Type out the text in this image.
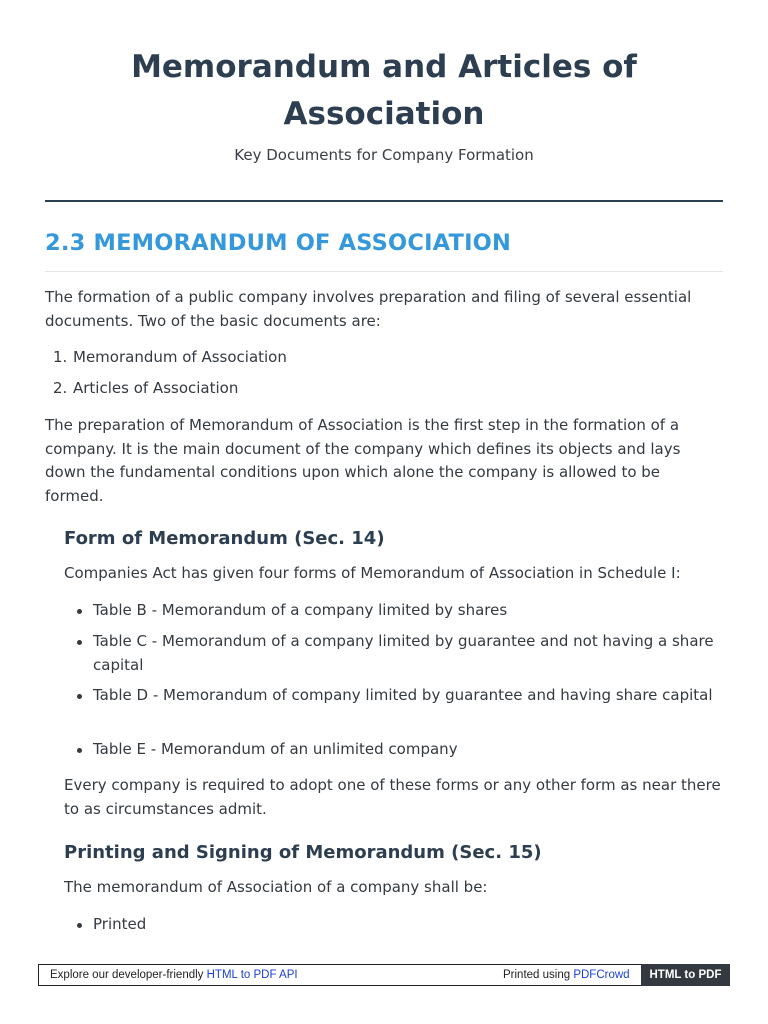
Memorandum and Articles of Association
Key Documents for Company Formation
2.3 MEMORANDUM OF ASSOCIATION

The formation of a public company involves preparation and filing of several essential documents. Two of the basic documents are:

1. Memorandum of Association
2. Articles of Association

The preparation of Memorandum of Association is the first step in the formation of a company. It is the main document of the company which defines its objects and lays down the fundamental conditions upon which alone the company is allowed to be formed.

Form of Memorandum (Sec. 14)

Companies Act has given four forms of Memorandum of Association in Schedule I:

Table B - Memorandum of a company limited by shares
Table C - Memorandum of a company limited by guarantee and not having a share capital
Table D - Memorandum of company limited by guarantee and having share capital
Table E - Memorandum of an unlimited company

Every company is required to adopt one of these forms or any other form as near there to as circumstances admit.

Printing and Signing of Memorandum (Sec. 15)

The memorandum of Association of a company shall be:

Printed
Explore our developer-friendly HTML to PDF API	Printed using PDFCrowd	HTML to PDF
